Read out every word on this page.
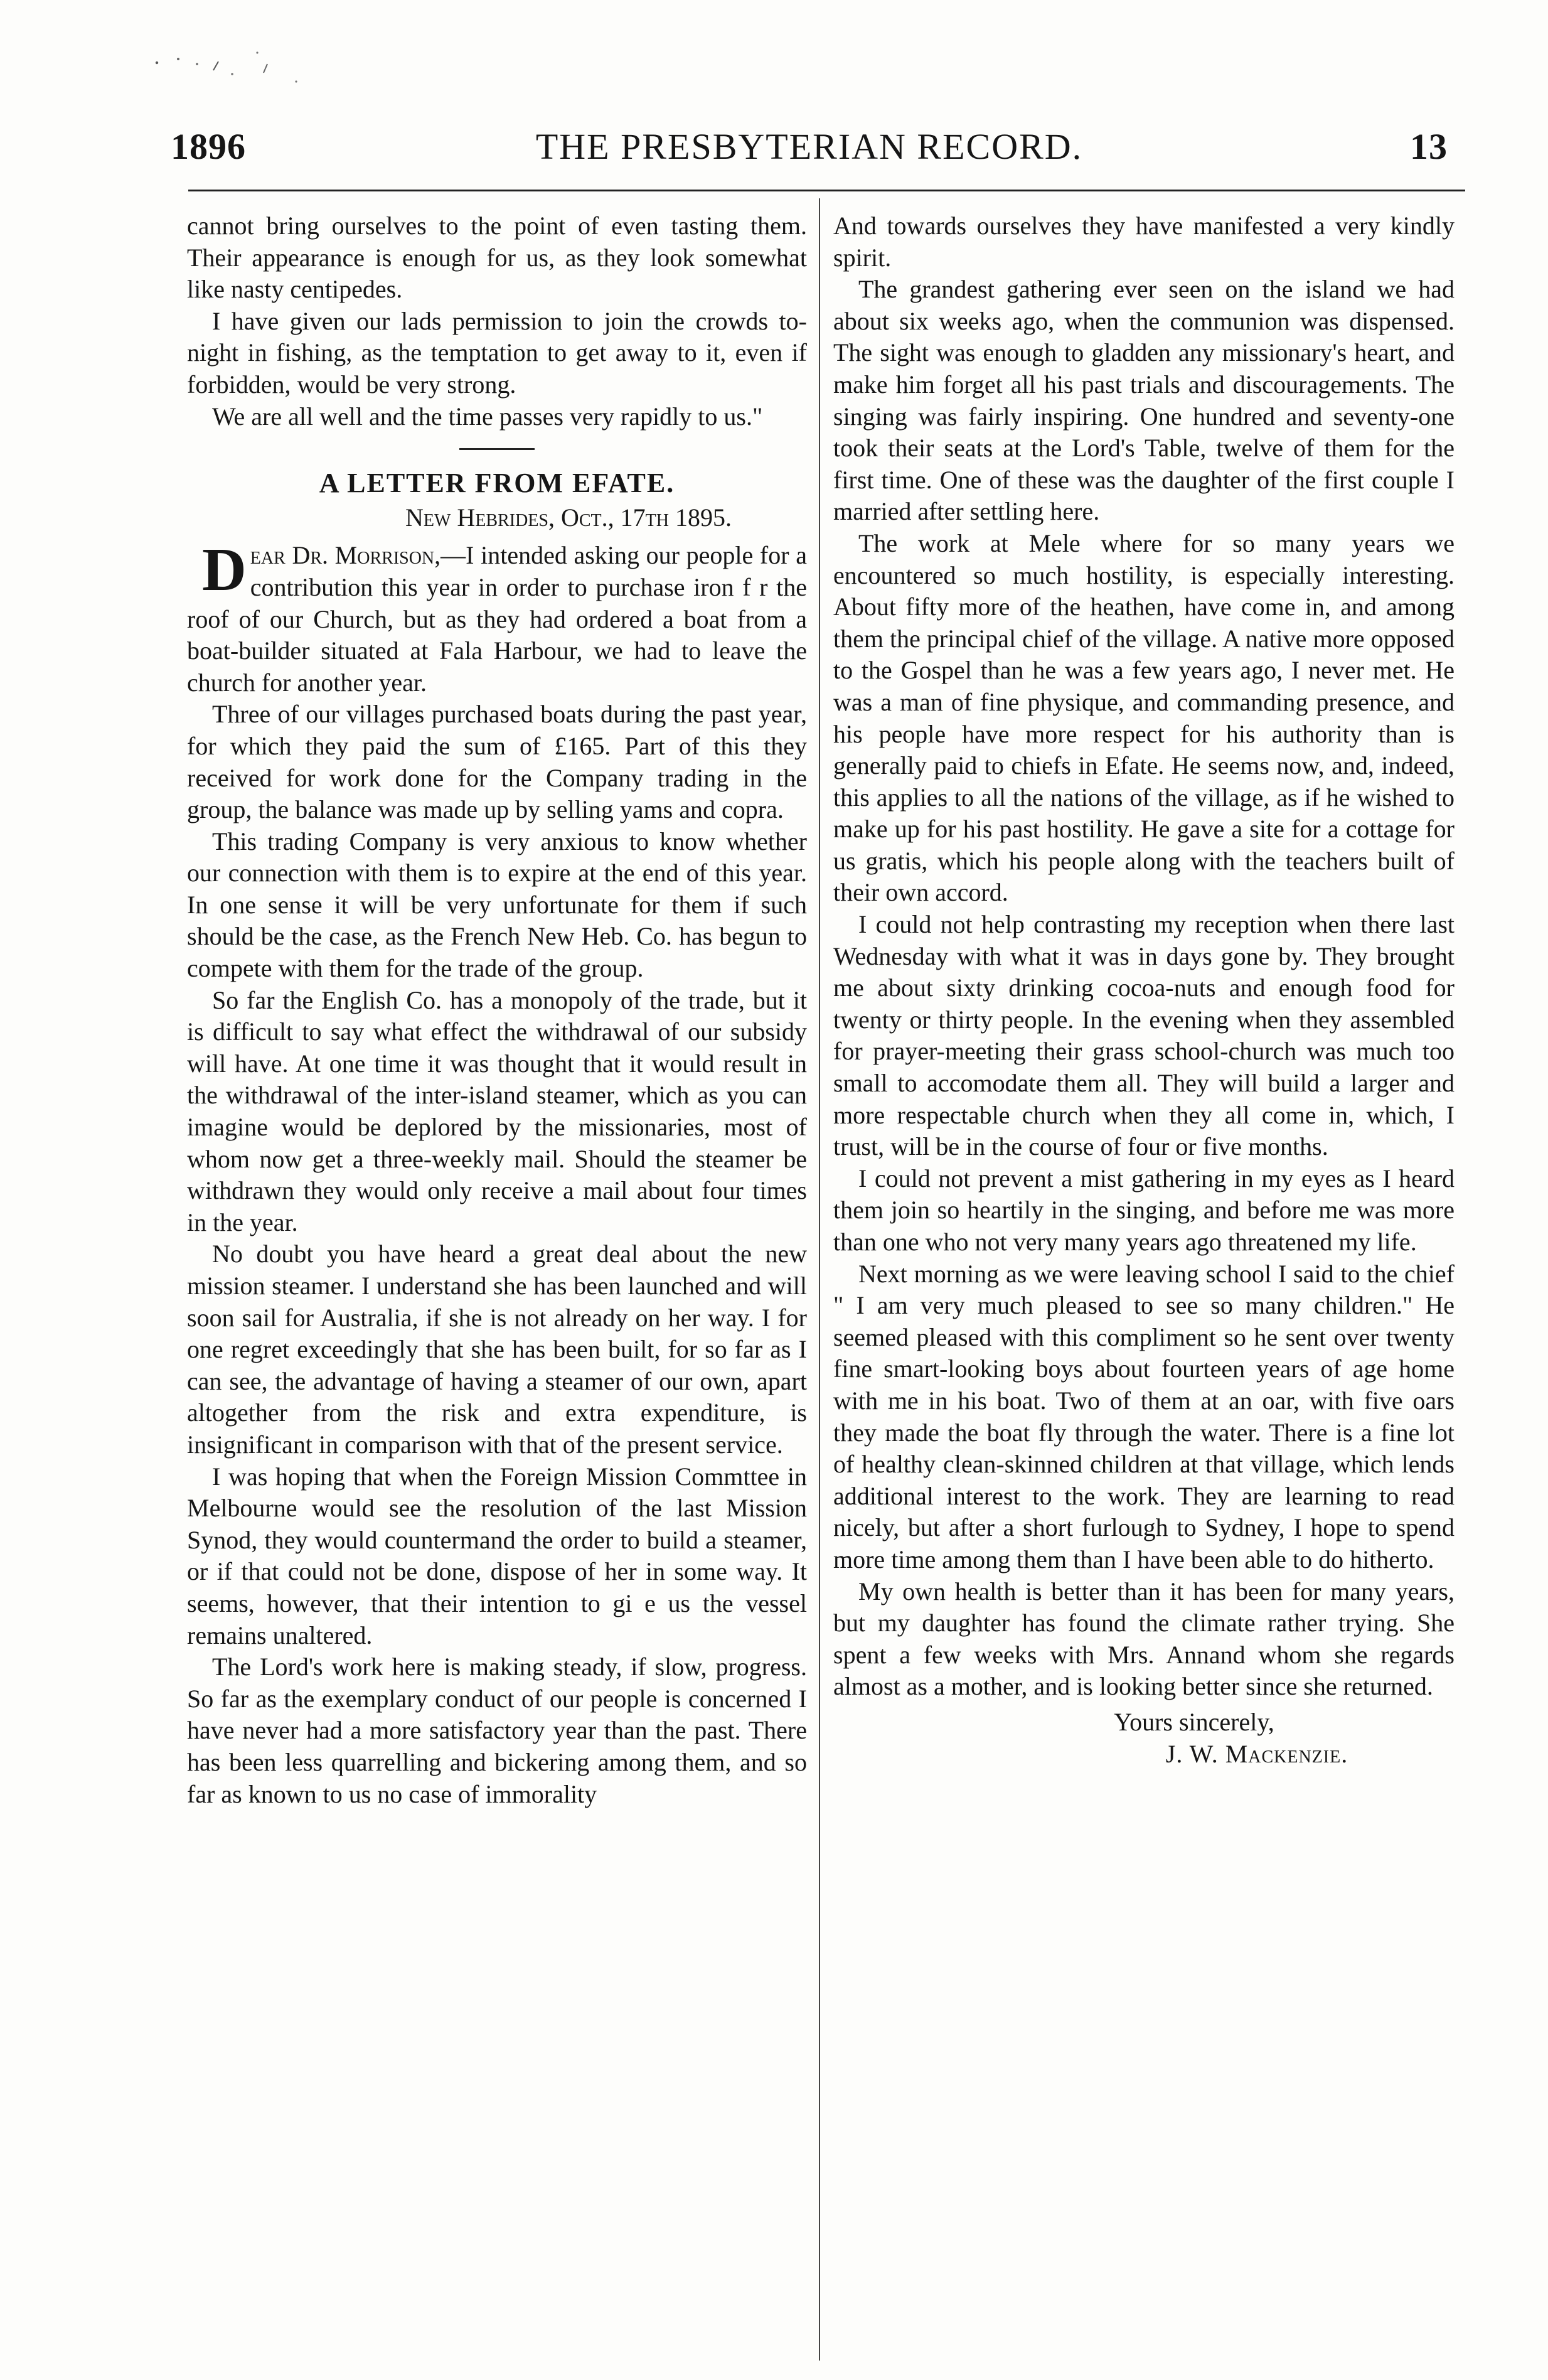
1896	THE PRESBYTERIAN RECORD.	13

cannot bring ourselves to the point of even tasting them. Their appearance is enough for us, as they look somewhat like nasty centipedes.

I have given our lads permission to join the crowds to-night in fishing, as the temptation to get away to it, even if forbidden, would be very strong.

We are all well and the time passes very rapidly to us."

A LETTER FROM EFATE.
New Hebrides, Oct., 17th 1895.

Dear Dr. Morrison,—I intended asking our people for a contribution this year in order to purchase iron f r the roof of our Church, but as they had ordered a boat from a boat-builder situated at Fala Harbour, we had to leave the church for another year.

Three of our villages purchased boats during the past year, for which they paid the sum of £165. Part of this they received for work done for the Company trading in the group, the balance was made up by selling yams and copra.

This trading Company is very anxious to know whether our connection with them is to expire at the end of this year. In one sense it will be very unfortunate for them if such should be the case, as the French New Heb. Co. has begun to compete with them for the trade of the group.

So far the English Co. has a monopoly of the trade, but it is difficult to say what effect the withdrawal of our subsidy will have. At one time it was thought that it would result in the withdrawal of the inter-island steamer, which as you can imagine would be deplored by the missionaries, most of whom now get a three-weekly mail. Should the steamer be withdrawn they would only receive a mail about four times in the year.

No doubt you have heard a great deal about the new mission steamer. I understand she has been launched and will soon sail for Australia, if she is not already on her way. I for one regret exceedingly that she has been built, for so far as I can see, the advantage of having a steamer of our own, apart altogether from the risk and extra expenditure, is insignificant in comparison with that of the present service.

I was hoping that when the Foreign Mission Commttee in Melbourne would see the resolution of the last Mission Synod, they would countermand the order to build a steamer, or if that could not be done, dispose of her in some way. It seems, however, that their intention to gi e us the vessel remains unaltered.

The Lord's work here is making steady, if slow, progress. So far as the exemplary conduct of our people is concerned I have never had a more satisfactory year than the past. There has been less quarrelling and bickering among them, and so far as known to us no case of immorality

And towards ourselves they have manifested a very kindly spirit.

The grandest gathering ever seen on the island we had about six weeks ago, when the communion was dispensed. The sight was enough to gladden any missionary's heart, and make him forget all his past trials and discouragements. The singing was fairly inspiring. One hundred and seventy-one took their seats at the Lord's Table, twelve of them for the first time. One of these was the daughter of the first couple I married after settling here.

The work at Mele where for so many years we encountered so much hostility, is especially interesting. About fifty more of the heathen, have come in, and among them the principal chief of the village. A native more opposed to the Gospel than he was a few years ago, I never met. He was a man of fine physique, and commanding presence, and his people have more respect for his authority than is generally paid to chiefs in Efate. He seems now, and, indeed, this applies to all the nations of the village, as if he wished to make up for his past hostility. He gave a site for a cottage for us gratis, which his people along with the teachers built of their own accord.

I could not help contrasting my reception when there last Wednesday with what it was in days gone by. They brought me about sixty drinking cocoa-nuts and enough food for twenty or thirty people. In the evening when they assembled for prayer-meeting their grass school-church was much too small to accomodate them all. They will build a larger and more respectable church when they all come in, which, I trust, will be in the course of four or five months.

I could not prevent a mist gathering in my eyes as I heard them join so heartily in the singing, and before me was more than one who not very many years ago threatened my life.

Next morning as we were leaving school I said to the chief " I am very much pleased to see so many children." He seemed pleased with this compliment so he sent over twenty fine smart-looking boys about fourteen years of age home with me in his boat. Two of them at an oar, with five oars they made the boat fly through the water. There is a fine lot of healthy clean-skinned children at that village, which lends additional interest to the work. They are learning to read nicely, but after a short furlough to Sydney, I hope to spend more time among them than I have been able to do hitherto.

My own health is better than it has been for many years, but my daughter has found the climate rather trying. She spent a few weeks with Mrs. Annand whom she regards almost as a mother, and is looking better since she returned.

Yours sincerely,
J. W. Mackenzie.
